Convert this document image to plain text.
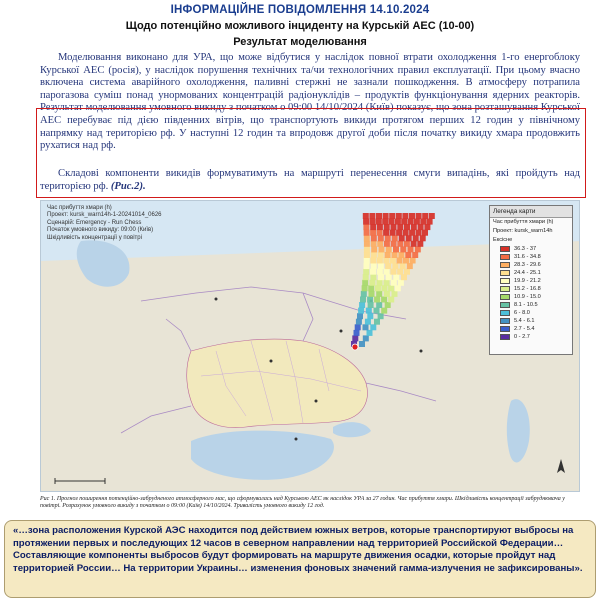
ІНФОРМАЦІЙНЕ ПОВІДОМЛЕННЯ 14.10.2024
Щодо потенційно можливого інциденту на Курській АЕС (10-00)
Результат моделювання
Моделювання виконано для УРА, що може відбутися у наслідок повної втрати охолодження 1-го енергоблоку Курської АЕС (росія), у наслідок порушення технічних та/чи технологічних правил експлуатації. При цьому вчасно включена система аварійного охолодження, паливні стержні не зазнали пошкодження. В атмосферу потрапила парогазова суміш понад унормованих концентрацій радіонуклідів – продуктів функціонування ядерних реакторів. Результат моделювання умовного викиду з початком о 09:00 14/10/2024 (Київ) показує, що зона розташування Курської АЕС перебуває під дією південних вітрів, що транспортують викиди протягом перших 12 годин у північному напрямку над територією рф. У наступні 12 годин та впродовж другої доби після початку викиду хмара продовжить рухатися над рф.
Складові компоненти викидів формуватимуть на маршруті перенесення смуги випадінь, які пройдуть над територією рф. (Рис.2).
Час прибуття хмари (h)
Проект: kursk_warn14h-1-20241014_0626
Сценарій: Emergency - Run Chess
Початок умовного викиду: 09:00 (Київ)
Шкідливість концентрації у повітрі
Легенда карти
Час прибуття хмари (h)
Проект: kursk_warn14h
Ексісне
36.3 - 37
31.6 - 34.8
28.3 - 29.6
24.4 - 25.1
19.9 - 21.2
15.2 - 16.8
10.9 - 15.0
8.1 - 10.5
6 - 8.0
5.4 - 6.1
2.7 - 5.4
0 - 2.7
Рис 1. Прогноз поширення потенційно-забрудненого атмосферного мас, що сформувалась над Курською АЕС як наслідок УРА за 27 годин. Час прибуття хмари. Шкідливість концентрації забруднювача у повітрі. Розрахунок умовного викиду з початком о 09:00 (Київ) 14/10/2024. Тривалість умовного викиду 12 год.
«…зона расположения Курской АЭС находится под действием южных ветров, которые транспортируют выбросы на протяжении первых и последующих 12 часов в северном направлении над территорией Российской Федерации… Составляющие компоненты выбросов будут формировать на маршруте движения осадки, которые пройдут над территорией России… На территории Украины… изменения фоновых значений гамма-излучения не зафиксированы».
